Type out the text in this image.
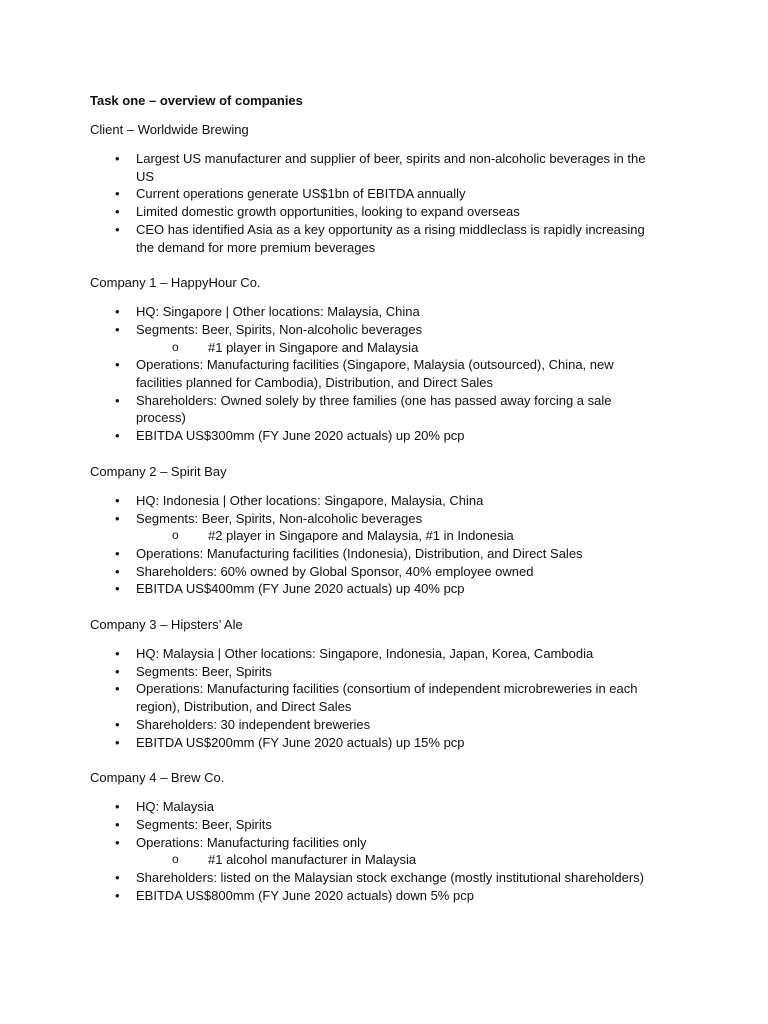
Task one – overview of companies
Client – Worldwide Brewing
• Largest US manufacturer and supplier of beer, spirits and non-alcoholic beverages in the US
• Current operations generate US$1bn of EBITDA annually
• Limited domestic growth opportunities, looking to expand overseas
• CEO has identified Asia as a key opportunity as a rising middleclass is rapidly increasing the demand for more premium beverages
Company 1 – HappyHour Co.
• HQ: Singapore | Other locations: Malaysia, China
• Segments: Beer, Spirits, Non-alcoholic beverages
o #1 player in Singapore and Malaysia
• Operations: Manufacturing facilities (Singapore, Malaysia (outsourced), China, new facilities planned for Cambodia), Distribution, and Direct Sales
• Shareholders: Owned solely by three families (one has passed away forcing a sale process)
• EBITDA US$300mm (FY June 2020 actuals) up 20% pcp
Company 2 – Spirit Bay
• HQ: Indonesia | Other locations: Singapore, Malaysia, China
• Segments: Beer, Spirits, Non-alcoholic beverages
o #2 player in Singapore and Malaysia, #1 in Indonesia
• Operations: Manufacturing facilities (Indonesia), Distribution, and Direct Sales
• Shareholders: 60% owned by Global Sponsor, 40% employee owned
• EBITDA US$400mm (FY June 2020 actuals) up 40% pcp
Company 3 – Hipsters’ Ale
• HQ: Malaysia | Other locations: Singapore, Indonesia, Japan, Korea, Cambodia
• Segments: Beer, Spirits
• Operations: Manufacturing facilities (consortium of independent microbreweries in each region), Distribution, and Direct Sales
• Shareholders: 30 independent breweries
• EBITDA US$200mm (FY June 2020 actuals) up 15% pcp
Company 4 – Brew Co.
• HQ: Malaysia
• Segments: Beer, Spirits
• Operations: Manufacturing facilities only
o #1 alcohol manufacturer in Malaysia
• Shareholders: listed on the Malaysian stock exchange (mostly institutional shareholders)
• EBITDA US$800mm (FY June 2020 actuals) down 5% pcp
